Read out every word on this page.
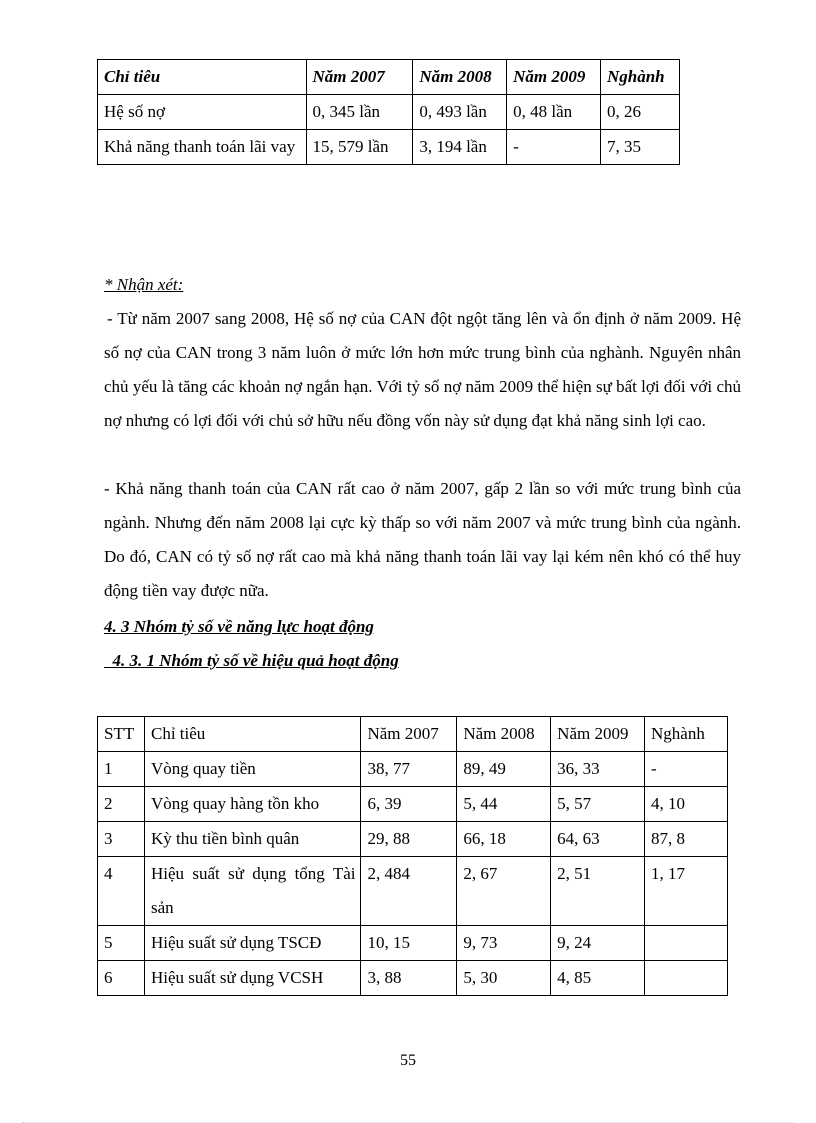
Chỉ tiêu	Năm 2007	Năm 2008	Năm 2009	Nghành
Hệ số nợ	0, 345 lần	0, 493 lần	0, 48 lần	0, 26
Khả năng thanh toán lãi vay	15, 579 lần	3, 194 lần	-	7, 35
* Nhận xét:
- Từ năm 2007 sang 2008, Hệ số nợ của CAN đột ngột tăng lên và ổn định ở năm 2009. Hệ số nợ của CAN trong 3 năm luôn ở mức lớn hơn mức trung bình của nghành. Nguyên nhân chủ yếu là tăng các khoản nợ ngắn hạn. Với tỷ số nợ năm 2009 thể hiện sự bất lợi đối với chủ nợ nhưng có lợi đối với chủ sở hữu nếu đồng vốn này sử dụng đạt khả năng sinh lợi cao.
- Khả năng thanh toán của CAN rất cao ở năm 2007, gấp 2 lần so với mức trung bình của ngành. Nhưng đến năm 2008 lại cực kỳ thấp so với năm 2007 và mức trung bình của ngành. Do đó, CAN có tỷ số nợ rất cao mà khả năng thanh toán lãi vay lại kém nên khó có thể huy động tiền vay được nữa.
4. 3 Nhóm tỷ số về năng lực hoạt động
4. 3. 1 Nhóm tỷ số về hiệu quả hoạt động
STT	Chỉ tiêu	Năm 2007	Năm 2008	Năm 2009	Nghành
1	Vòng quay tiền	38, 77	89, 49	36, 33	-
2	Vòng quay hàng tồn kho	6, 39	5, 44	5, 57	4, 10
3	Kỳ thu tiền bình quân	29, 88	66, 18	64, 63	87, 8
4	Hiệu suất sử dụng tổng Tài sản	2, 484	2, 67	2, 51	1, 17
5	Hiệu suất sử dụng TSCĐ	10, 15	9, 73	9, 24	
6	Hiệu suất sử dụng VCSH	3, 88	5, 30	4, 85	
55
